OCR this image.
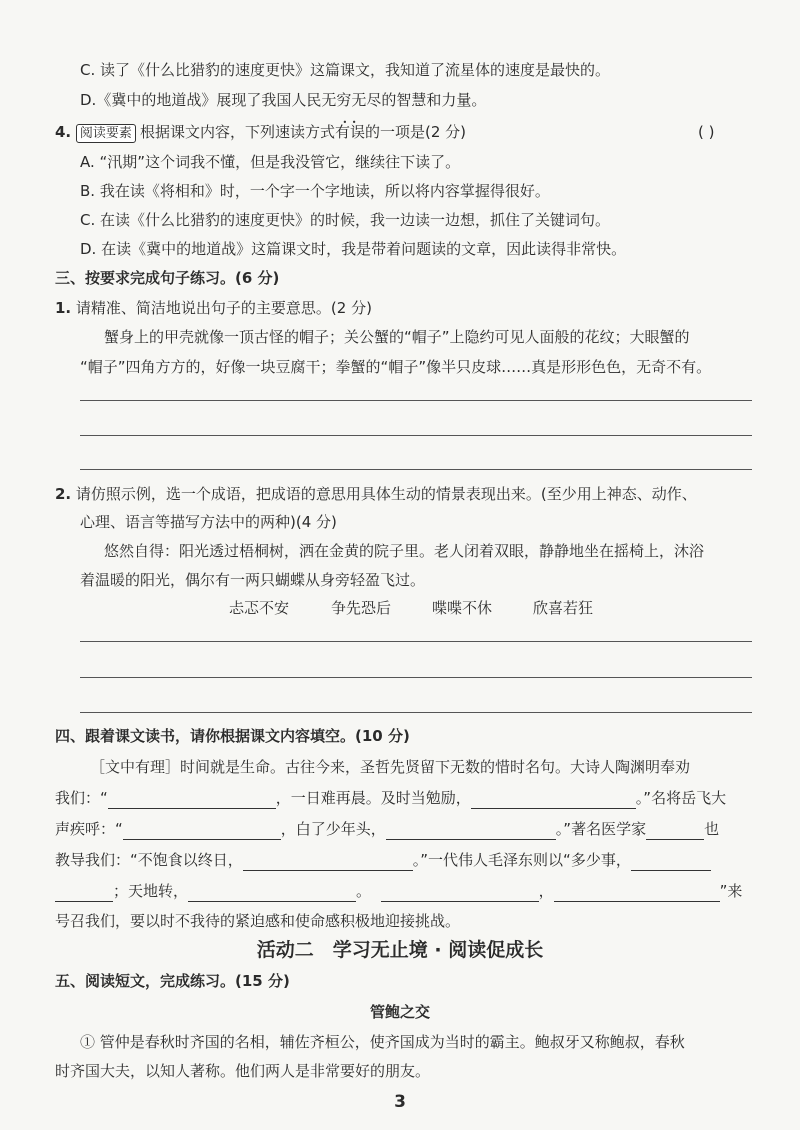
C. 读了《什么比猎豹的速度更快》这篇课文，我知道了流星体的速度是最快的。
D.《冀中的地道战》展现了我国人民无穷无尽的智慧和力量。
4. 阅读要素 根据课文内容，下列速读方式有误 • •的一项是(2 分)	( )
A. “汛期”这个词我不懂，但是我没管它，继续往下读了。
B. 我在读《将相和》时，一个字一个字地读，所以将内容掌握得很好。
C. 在读《什么比猎豹的速度更快》的时候，我一边读一边想，抓住了关键词句。
D. 在读《冀中的地道战》这篇课文时，我是带着问题读的文章，因此读得非常快。
三、按要求完成句子练习。(6 分)
1. 请精准、简洁地说出句子的主要意思。(2 分)
蟹身上的甲壳就像一顶古怪的帽子；关公蟹的“帽子”上隐约可见人面般的花纹；大眼蟹的
“帽子”四角方方的，好像一块豆腐干；拳蟹的“帽子”像半只皮球……真是形形色色，无奇不有。
2. 请仿照示例，选一个成语，把成语的意思用具体生动的情景表现出来。(至少用上神态、动作、
心理、语言等描写方法中的两种)(4 分)
悠然自得：阳光透过梧桐树，洒在金黄的院子里。老人闭着双眼，静静地坐在摇椅上，沐浴
着温暖的阳光，偶尔有一两只蝴蝶从身旁轻盈飞过。
忐忑不安	争先恐后	喋喋不休	欣喜若狂
四、跟着课文读书，请你根据课文内容填空。(10 分)
［文中有理］时间就是生命。古往今来，圣哲先贤留下无数的惜时名句。大诗人陶渊明奉劝
我们：“	，一日难再晨。及时当勉励，	。”名将岳飞大
声疾呼：“	，白了少年头，	。”著名医学家	也
教导我们：“不饱食以终日，	。”一代伟人毛泽东则以“多少事，
；天地转，	。	，	”来
号召我们，要以时不我待的紧迫感和使命感积极地迎接挑战。
活动二　学习无止境 · 阅读促成长
五、阅读短文，完成练习。(15 分)
管鲍之交
① 管仲是春秋时齐国的名相，辅佐齐桓公，使齐国成为当时的霸主。鲍叔牙又称鲍叔，春秋
时齐国大夫，以知人著称。他们两人是非常要好的朋友。
3
